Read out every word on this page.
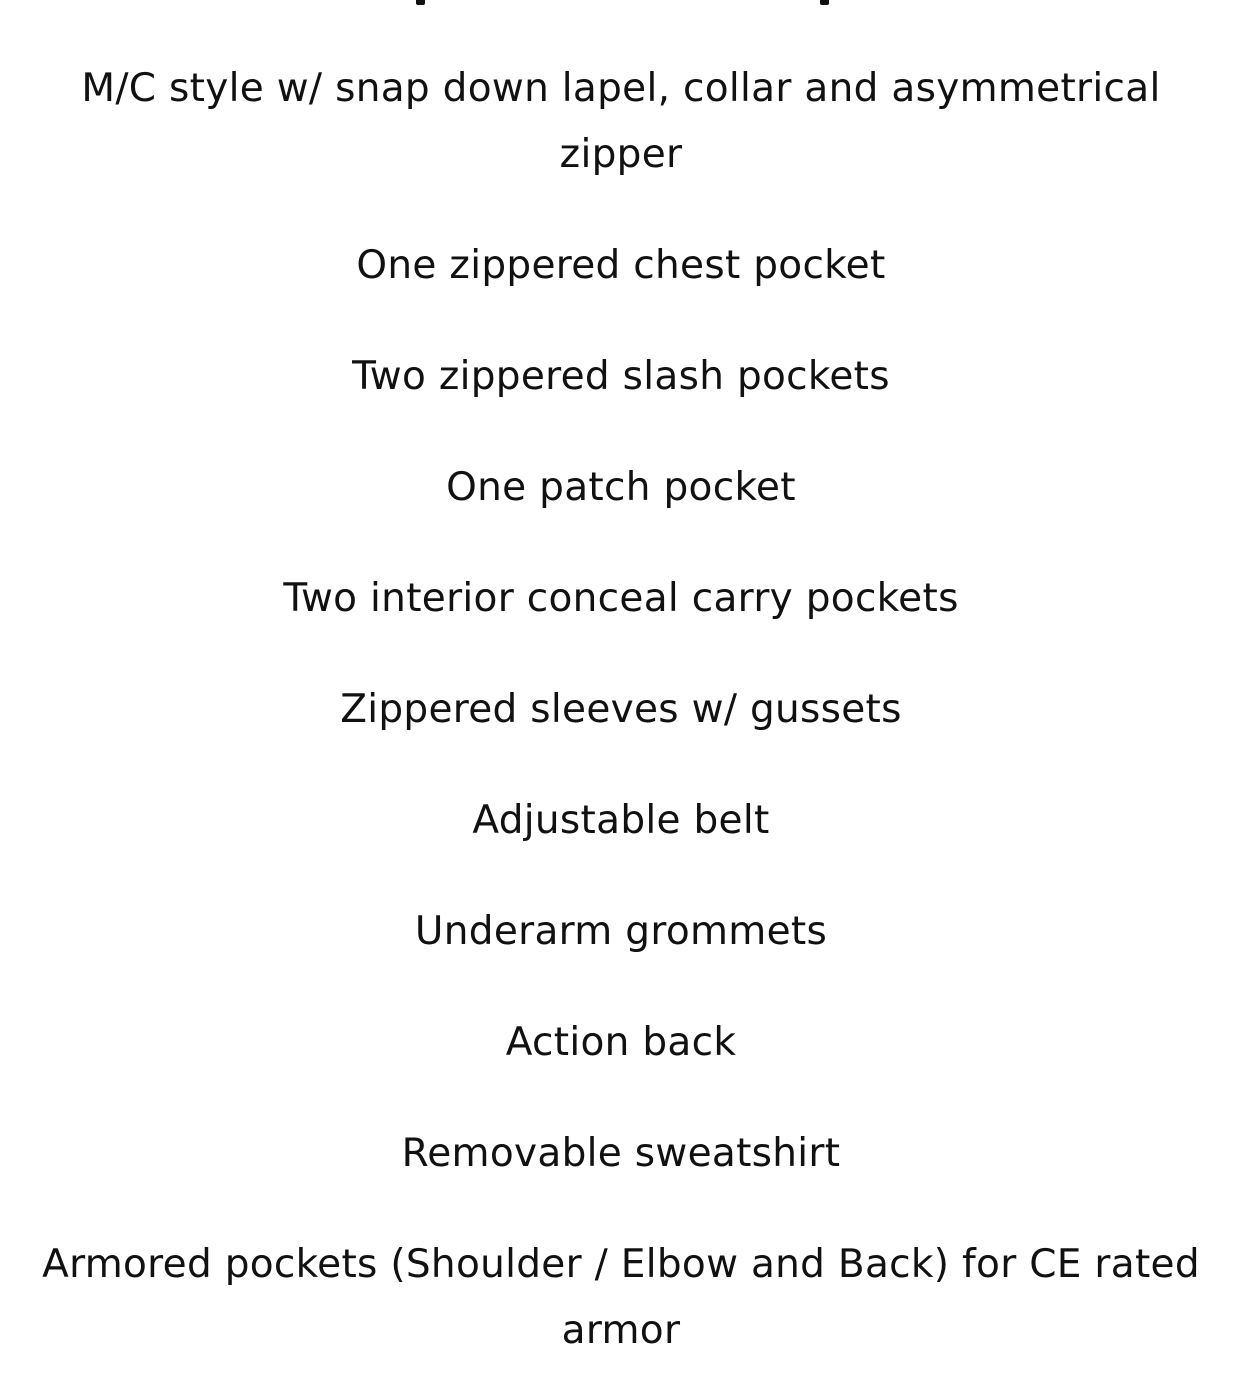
M/C style w/ snap down lapel, collar and asymmetrical zipper
One zippered chest pocket
Two zippered slash pockets
One patch pocket
Two interior conceal carry pockets
Zippered sleeves w/ gussets
Adjustable belt
Underarm grommets
Action back
Removable sweatshirt
Armored pockets (Shoulder / Elbow and Back) for CE rated armor
